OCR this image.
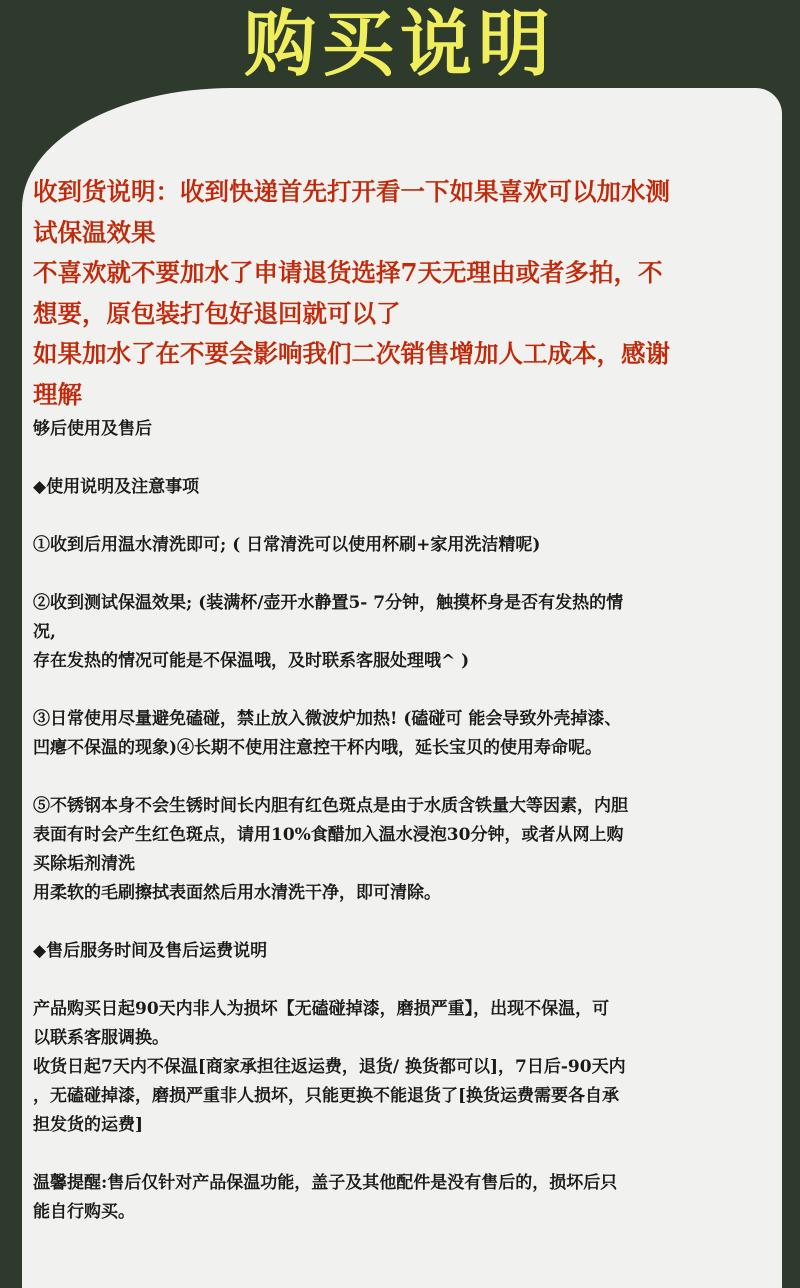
购买说明

收到货说明：收到快递首先打开看一下如果喜欢可以加水测

试保温效果

不喜欢就不要加水了申请退货选择7天无理由或者多拍，不

想要，原包装打包好退回就可以了

如果加水了在不要会影响我们二次销售增加人工成本，感谢

理解

够后使用及售后

◆使用说明及注意事项

①收到后用温水清洗即可; ( 日常清洗可以使用杯刷+家用洗洁精呢)

②收到测试保温效果; (装满杯/壶开水静置5- 7分钟，触摸杯身是否有发热的情
况,
存在发热的情况可能是不保温哦，及时联系客服处理哦^ )

③日常使用尽量避免磕碰，禁止放入微波炉加热! (磕碰可 能会导致外壳掉漆、
凹瘪不保温的现象)④长期不使用注意控干杯内哦，延长宝贝的使用寿命呢。

⑤不锈钢本身不会生锈时间长内胆有红色斑点是由于水质含铁量大等因素，内胆
表面有时会产生红色斑点，请用10%食醋加入温水浸泡30分钟，或者从网上购
买除垢剂清洗
用柔软的毛刷擦拭表面然后用水清洗干净，即可清除。

◆售后服务时间及售后运费说明

产品购买日起90天内非人为损坏【无磕碰掉漆，磨损严重】，出现不保温，可
以联系客服调换。
收货日起7天内不保温[商家承担往返运费，退货/ 换货都可以]，7日后-90天内
，无磕碰掉漆，磨损严重非人损坏，只能更换不能退货了[换货运费需要各自承
担发货的运费]

温馨提醒:售后仅针对产品保温功能，盖子及其他配件是没有售后的，损坏后只
能自行购买。
